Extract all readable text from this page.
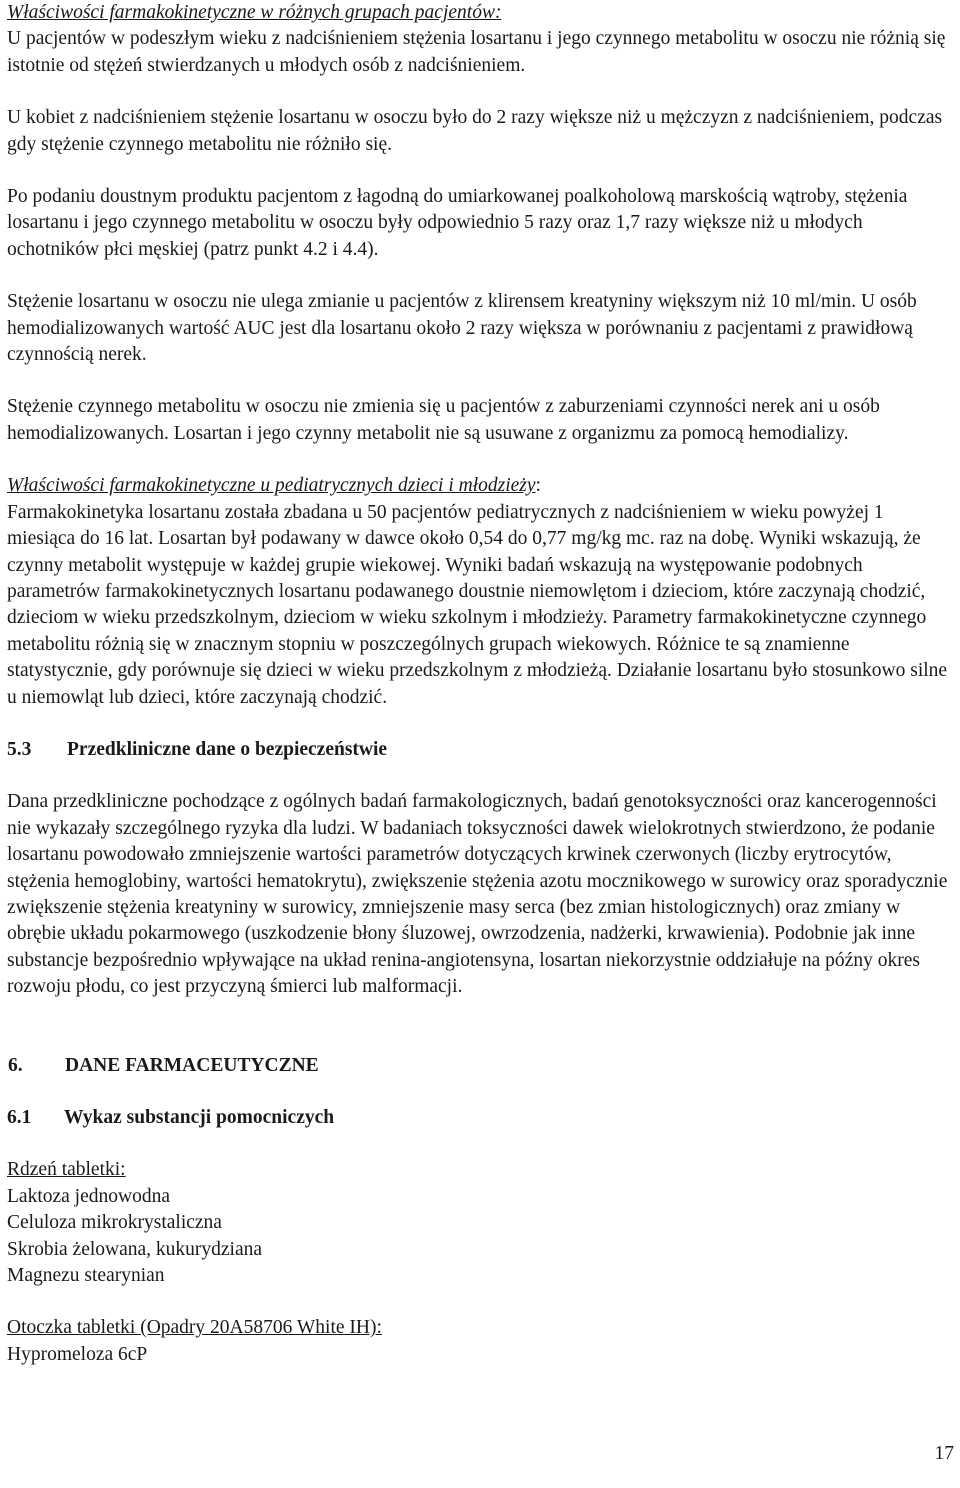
Właściwości farmakokinetyczne w różnych grupach pacjentów:

U pacjentów w podeszłym wieku z nadciśnieniem stężenia losartanu i jego czynnego metabolitu w osoczu nie różnią się istotnie od stężeń stwierdzanych u młodych osób z nadciśnieniem.

U kobiet z nadciśnieniem stężenie losartanu w osoczu było do 2 razy większe niż u mężczyzn z nadciśnieniem, podczas gdy stężenie czynnego metabolitu nie różniło się.

Po podaniu doustnym produktu pacjentom z łagodną do umiarkowanej poalkoholową marskością wątroby, stężenia losartanu i jego czynnego metabolitu w osoczu były odpowiednio 5 razy oraz 1,7 razy większe niż u młodych ochotników płci męskiej (patrz punkt 4.2 i 4.4).

Stężenie losartanu w osoczu nie ulega zmianie u pacjentów z klirensem kreatyniny większym niż 10 ml/min. U osób hemodializowanych wartość AUC jest dla losartanu około 2 razy większa w porównaniu z pacjentami z prawidłową czynnością nerek.

Stężenie czynnego metabolitu w osoczu nie zmienia się u pacjentów z zaburzeniami czynności nerek ani u osób hemodializowanych. Losartan i jego czynny metabolit nie są usuwane z organizmu za pomocą hemodializy.

Właściwości farmakokinetyczne u pediatrycznych dzieci i młodzieży:

Farmakokinetyka losartanu została zbadana u 50 pacjentów pediatrycznych z nadciśnieniem w wieku powyżej 1 miesiąca do 16 lat. Losartan był podawany w dawce około 0,54 do 0,77 mg/kg mc. raz na dobę. Wyniki wskazują, że czynny metabolit występuje w każdej grupie wiekowej. Wyniki badań wskazują na występowanie podobnych parametrów farmakokinetycznych losartanu podawanego doustnie niemowlętom i dzieciom, które zaczynają chodzić, dzieciom w wieku przedszkolnym, dzieciom w wieku szkolnym i młodzieży. Parametry farmakokinetyczne czynnego metabolitu różnią się w znacznym stopniu w poszczególnych grupach wiekowych. Różnice te są znamienne statystycznie, gdy porównuje się dzieci w wieku przedszkolnym z młodzieżą. Działanie losartanu było stosunkowo silne u niemowląt lub dzieci, które zaczynają chodzić.

5.3	Przedkliniczne dane o bezpieczeństwie

Dana przedkliniczne pochodzące z ogólnych badań farmakologicznych, badań genotoksyczności oraz kancerogenności nie wykazały szczególnego ryzyka dla ludzi. W badaniach toksyczności dawek wielokrotnych stwierdzono, że podanie losartanu powodowało zmniejszenie wartości parametrów dotyczących krwinek czerwonych (liczby erytrocytów, stężenia hemoglobiny, wartości hematokrytu), zwiększenie stężenia azotu mocznikowego w surowicy oraz sporadycznie zwiększenie stężenia kreatyniny w surowicy, zmniejszenie masy serca (bez zmian histologicznych) oraz zmiany w obrębie układu pokarmowego (uszkodzenie błony śluzowej, owrzodzenia, nadżerki, krwawienia). Podobnie jak inne substancje bezpośrednio wpływające na układ renina-angiotensyna, losartan niekorzystnie oddziałuje na późny okres rozwoju płodu, co jest przyczyną śmierci lub malformacji.

6.	DANE FARMACEUTYCZNE
6.1	Wykaz substancji pomocniczych

Rdzeń tabletki:

Laktoza jednowodna
Celuloza mikrokrystaliczna
Skrobia żelowana, kukurydziana
Magnezu stearynian

Otoczka tabletki (Opadry 20A58706 White IH):

Hypromeloza 6cP
17
